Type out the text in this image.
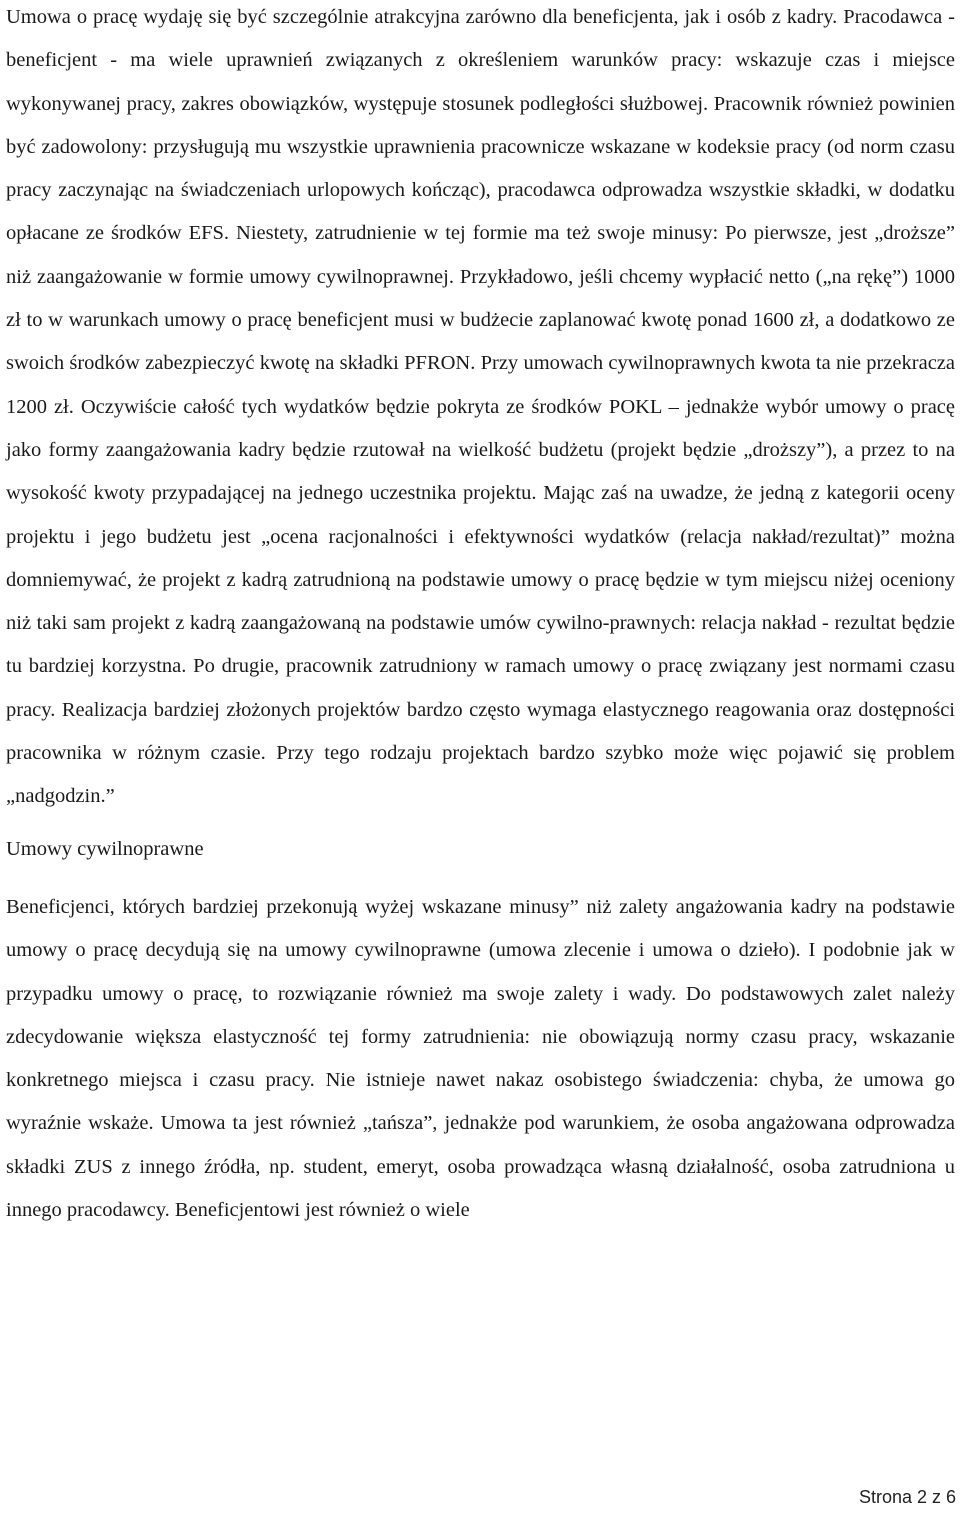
Umowa o pracę wydaję się być szczególnie atrakcyjna zarówno dla beneficjenta, jak i osób z kadry. Pracodawca - beneficjent - ma wiele uprawnień związanych z określeniem warunków pracy: wskazuje czas i miejsce wykonywanej pracy, zakres obowiązków, występuje stosunek podległości służbowej. Pracownik również powinien być zadowolony: przysługują mu wszystkie uprawnienia pracownicze wskazane w kodeksie pracy (od norm czasu pracy zaczynając na świadczeniach urlopowych kończąc), pracodawca odprowadza wszystkie składki, w dodatku opłacane ze środków EFS. Niestety, zatrudnienie w tej formie ma też swoje minusy: Po pierwsze, jest „droższe” niż zaangażowanie w formie umowy cywilnoprawnej. Przykładowo, jeśli chcemy wypłacić netto („na rękę”) 1000 zł to w warunkach umowy o pracę beneficjent musi w budżecie zaplanować kwotę ponad 1600 zł, a dodatkowo ze swoich środków zabezpieczyć kwotę na składki PFRON. Przy umowach cywilnoprawnych kwota ta nie przekracza 1200 zł. Oczywiście całość tych wydatków będzie pokryta ze środków POKL – jednakże wybór umowy o pracę jako formy zaangażowania kadry będzie rzutował na wielkość budżetu (projekt będzie „droższy”), a przez to na wysokość kwoty przypadającej na jednego uczestnika projektu. Mając zaś na uwadze, że jedną z kategorii oceny projektu i jego budżetu jest „ocena racjonalności i efektywności wydatków (relacja nakład/rezultat)” można domniemywać, że projekt z kadrą zatrudnioną na podstawie umowy o pracę będzie w tym miejscu niżej oceniony niż taki sam projekt z kadrą zaangażowaną na podstawie umów cywilno-prawnych: relacja nakład - rezultat będzie tu bardziej korzystna. Po drugie, pracownik zatrudniony w ramach umowy o pracę związany jest normami czasu pracy. Realizacja bardziej złożonych projektów bardzo często wymaga elastycznego reagowania oraz dostępności pracownika w różnym czasie. Przy tego rodzaju projektach bardzo szybko może więc pojawić się problem „nadgodzin.”

Umowy cywilnoprawne

Beneficjenci, których bardziej przekonują wyżej wskazane minusy” niż zalety angażowania kadry na podstawie umowy o pracę decydują się na umowy cywilnoprawne (umowa zlecenie i umowa o dzieło). I podobnie jak w przypadku umowy o pracę, to rozwiązanie również ma swoje zalety i wady. Do podstawowych zalet należy zdecydowanie większa elastyczność tej formy zatrudnienia: nie obowiązują normy czasu pracy, wskazanie konkretnego miejsca i czasu pracy. Nie istnieje nawet nakaz osobistego świadczenia: chyba, że umowa go wyraźnie wskaże. Umowa ta jest również „tańsza”, jednakże pod warunkiem, że osoba angażowana odprowadza składki ZUS z innego źródła, np. student, emeryt, osoba prowadząca własną działalność, osoba zatrudniona u innego pracodawcy. Beneficjentowi jest również o wiele

Strona 2 z 6
